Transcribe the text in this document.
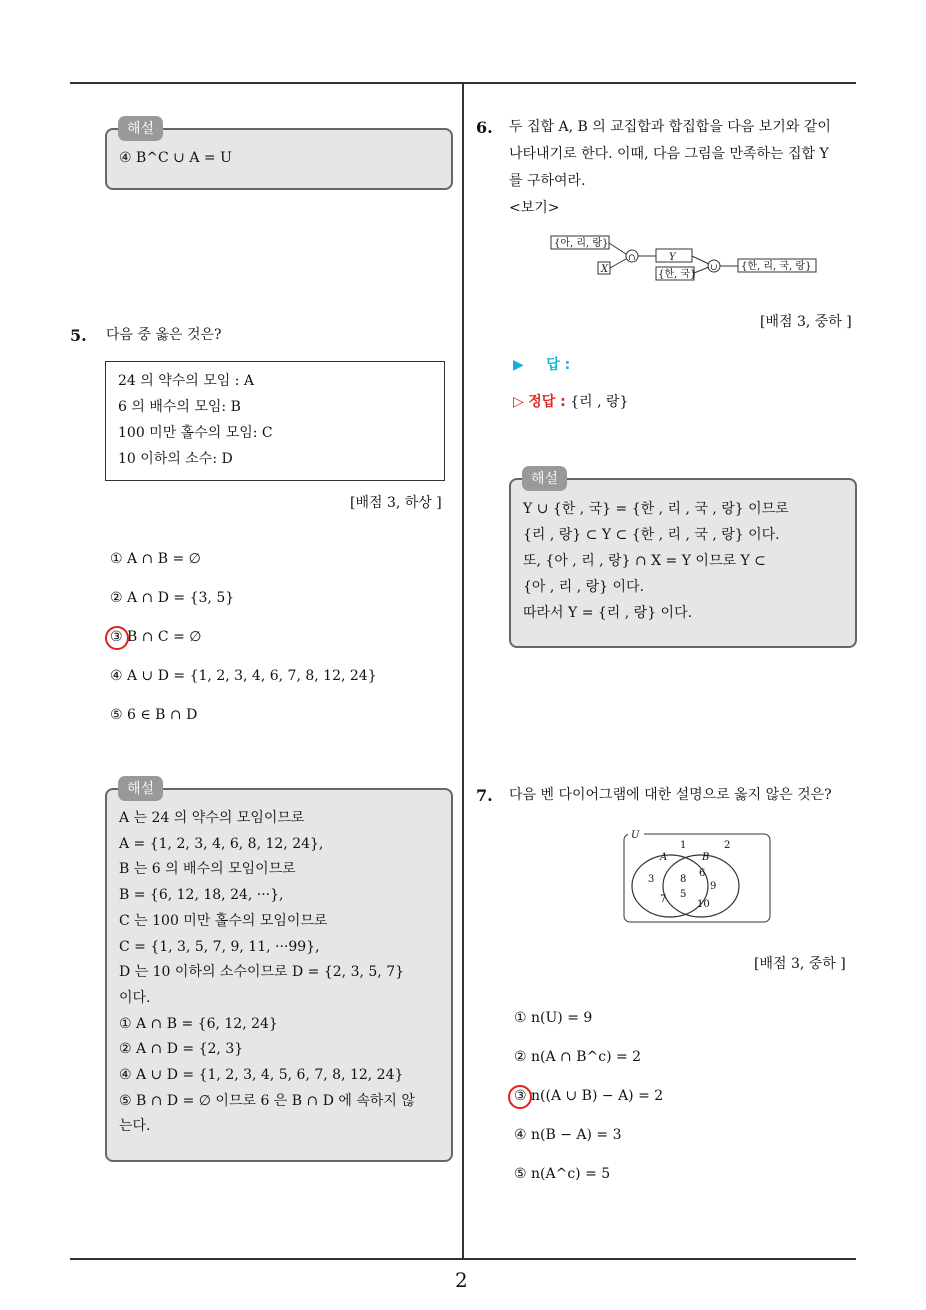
2
④ B^C ∪ A = U
해설
5. 다음 중 옳은 것은?
24 의 약수의 모임 : A
6 의 배수의 모임: B
100 미만 홀수의 모임: C
10 이하의 소수: D
[배점 3, 하상 ]
① A ∩ B = ∅
② A ∩ D = {3, 5}
③ B ∩ C = ∅
④ A ∪ D = {1, 2, 3, 4, 6, 7, 8, 12, 24}
⑤ 6 ∈ B ∩ D
A 는 24 의 약수의 모임이므로
A = {1, 2, 3, 4, 6, 8, 12, 24},
B 는 6 의 배수의 모임이므로
B = {6, 12, 18, 24, ···},
C 는 100 미만 홀수의 모임이므로
C = {1, 3, 5, 7, 9, 11, ···99},
D 는 10 이하의 소수이므로 D = {2, 3, 5, 7}
이다.
① A ∩ B = {6, 12, 24}
② A ∩ D = {2, 3}
④ A ∪ D = {1, 2, 3, 4, 5, 6, 7, 8, 12, 24}
⑤ B ∩ D = ∅ 이므로 6 은 B ∩ D 에 속하지 않
는다.
해설
6. 두 집합 A, B 의 교집합과 합집합을 다음 보기와 같이
나타내기로 한다. 이때, 다음 그림을 만족하는 집합 Y
를 구하여라.
<보기>
{아, 리, 랑}
X
∩	Y
{한, 국}
∪ {한, 리, 국, 랑}
[배점 3, 중하 ]
▶ 답 :
▷ 정답 : {리 , 랑}
Y ∪ {한 , 국} = {한 , 리 , 국 , 랑} 이므로
{리 , 랑} ⊂ Y ⊂ {한 , 리 , 국 , 랑} 이다.
또, {아 , 리 , 랑} ∩ X = Y 이므로 Y ⊂
{아 , 리 , 랑} 이다.
따라서 Y = {리 , 랑} 이다.
해설
7. 다음 벤 다이어그램에 대한 설명으로 옳지 않은 것은?
U
A	B
1	2
3
7
8
5
6
9
10
[배점 3, 중하 ]
① n(U) = 9
② n(A ∩ B^c) = 2
③ n((A ∪ B) − A) = 2
④ n(B − A) = 3
⑤ n(A^c) = 5
